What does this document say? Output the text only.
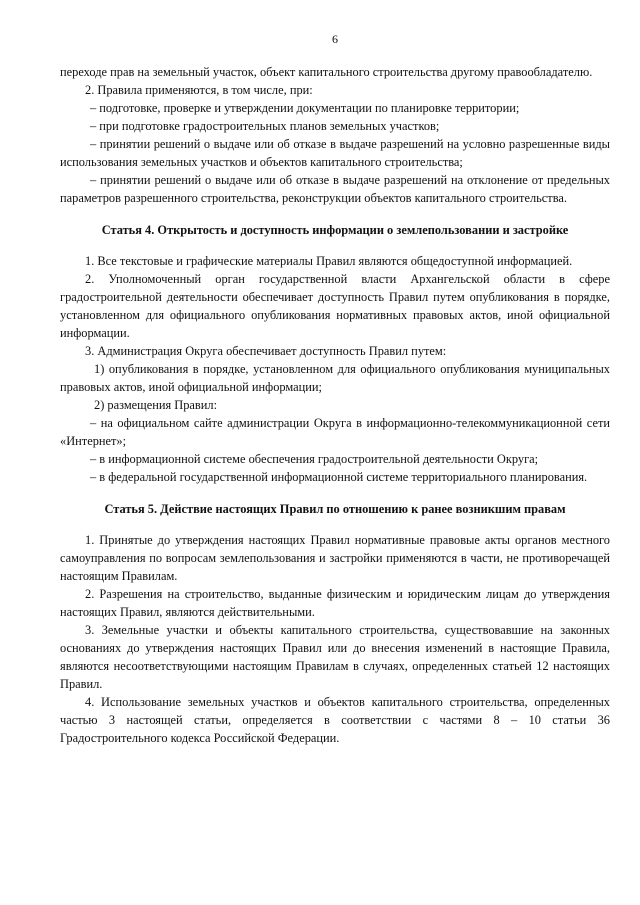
6

переходе прав на земельный участок, объект капитального строительства другому правообладателю.

2. Правила применяются, в том числе, при:

– подготовке, проверке и утверждении документации по планировке территории;

– при подготовке градостроительных планов земельных участков;

– принятии решений о выдаче или об отказе в выдаче разрешений на условно разрешенные виды использования земельных участков и объектов капитального строительства;

– принятии решений о выдаче или об отказе в выдаче разрешений на отклонение от предельных параметров разрешенного строительства, реконструкции объектов капитального строительства.

Статья 4. Открытость и доступность информации о землепользовании и застройке

1. Все текстовые и графические материалы Правил являются общедоступной информацией.

2. Уполномоченный орган государственной власти Архангельской области в сфере градостроительной деятельности обеспечивает доступность Правил путем опубликования в порядке, установленном для официального опубликования нормативных правовых актов, иной официальной информации.

3. Администрация Округа обеспечивает доступность Правил путем:

1) опубликования в порядке, установленном для официального опубликования муниципальных правовых актов, иной официальной информации;

2) размещения Правил:

– на официальном сайте администрации Округа в информационно-телекоммуникационной сети «Интернет»;

– в информационной системе обеспечения градостроительной деятельности Округа;

– в федеральной государственной информационной системе территориального планирования.

Статья 5. Действие настоящих Правил по отношению к ранее возникшим правам

1. Принятые до утверждения настоящих Правил нормативные правовые акты органов местного самоуправления по вопросам землепользования и застройки применяются в части, не противоречащей настоящим Правилам.

2. Разрешения на строительство, выданные физическим и юридическим лицам до утверждения настоящих Правил, являются действительными.

3. Земельные участки и объекты капитального строительства, существовавшие на законных основаниях до утверждения настоящих Правил или до внесения изменений в настоящие Правила, являются несоответствующими настоящим Правилам в случаях, определенных статьей 12 настоящих Правил.

4. Использование земельных участков и объектов капитального строительства, определенных частью 3 настоящей статьи, определяется в соответствии с частями 8 – 10 статьи 36 Градостроительного кодекса Российской Федерации.
